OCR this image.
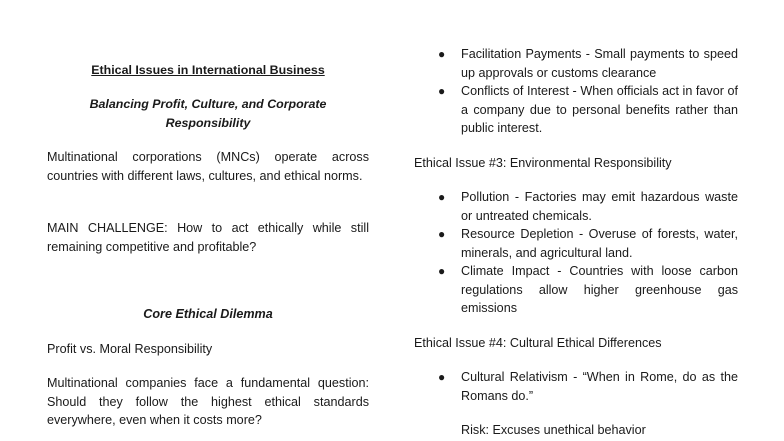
Ethical Issues in International Business
Balancing Profit, Culture, and Corporate Responsibility

Multinational corporations (MNCs) operate across countries with different laws, cultures, and ethical norms.

MAIN CHALLENGE: How to act ethically while still remaining competitive and profitable?

Core Ethical Dilemma

Profit vs. Moral Responsibility

Multinational companies face a fundamental question: Should they follow the highest ethical standards everywhere, even when it costs more?

● Facilitation Payments - Small payments to speed up approvals or customs clearance
● Conflicts of Interest - When officials act in favor of a company due to personal benefits rather than public interest.

Ethical Issue #3: Environmental Responsibility

● Pollution - Factories may emit hazardous waste or untreated chemicals.
● Resource Depletion - Overuse of forests, water, minerals, and agricultural land.
● Climate Impact - Countries with loose carbon regulations allow higher greenhouse gas emissions

Ethical Issue #4: Cultural Ethical Differences

● Cultural Relativism - “When in Rome, do as the Romans do.”
Risk: Excuses unethical behavior
